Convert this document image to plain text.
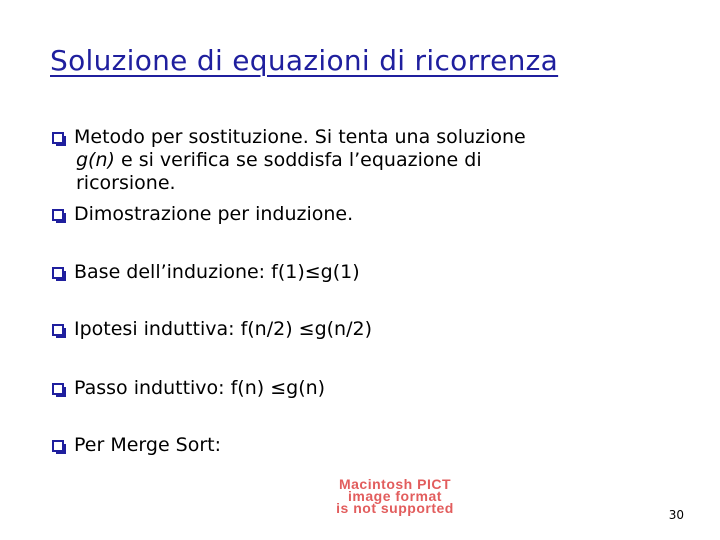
Soluzione di equazioni di ricorrenza
Metodo per sostituzione. Si tenta una soluzione
g(n) e si verifica se soddisfa l’equazione di
ricorsione.
Dimostrazione per induzione.
Base dell’induzione: f(1)≤g(1)
Ipotesi induttiva: f(n/2) ≤g(n/2)
Passo induttivo: f(n) ≤g(n)
Per Merge Sort:
Macintosh PICT
image format
is not supported	30
